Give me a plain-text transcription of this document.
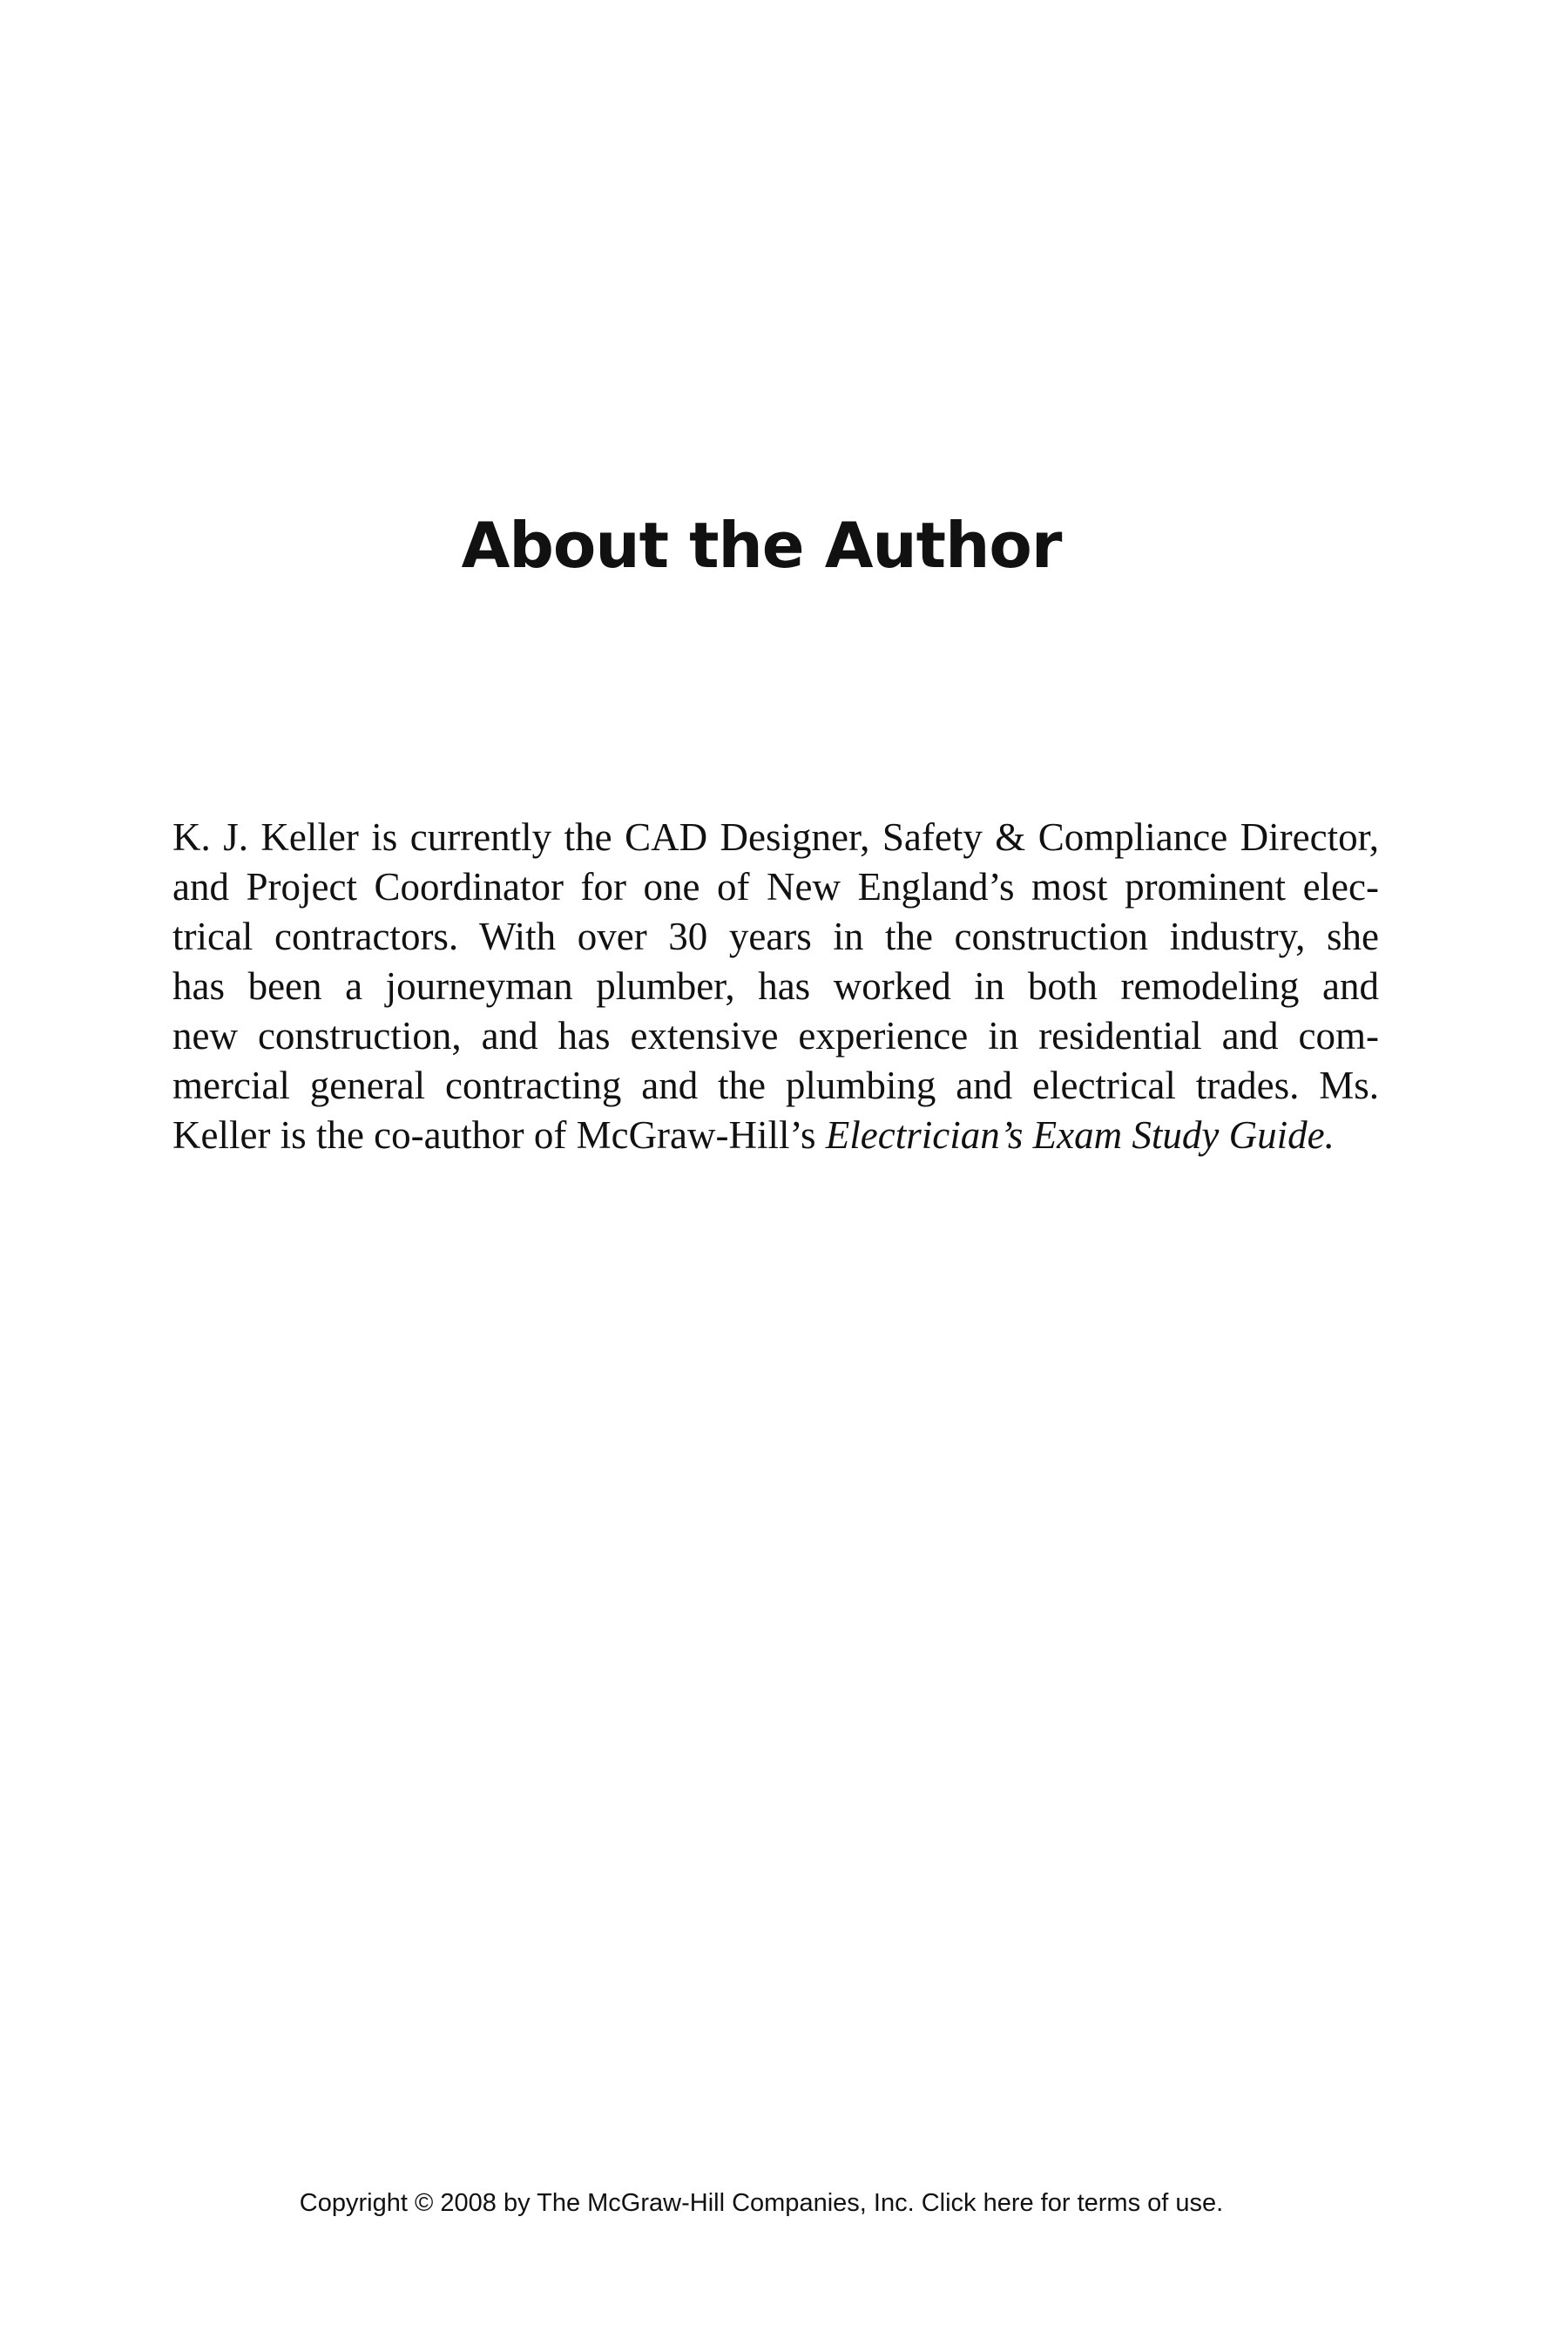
About the Author

K. J. Keller is currently the CAD Designer, Safety & Compliance Director,
and Project Coordinator for one of New England’s most prominent elec-
trical contractors. With over 30 years in the construction industry, she
has been a journeyman plumber, has worked in both remodeling and
new construction, and has extensive experience in residential and com-
mercial general contracting and the plumbing and electrical trades. Ms.
Keller is the co-author of McGraw-Hill’s Electrician’s Exam Study Guide.

Copyright © 2008 by The McGraw-Hill Companies, Inc. Click here for terms of use.
